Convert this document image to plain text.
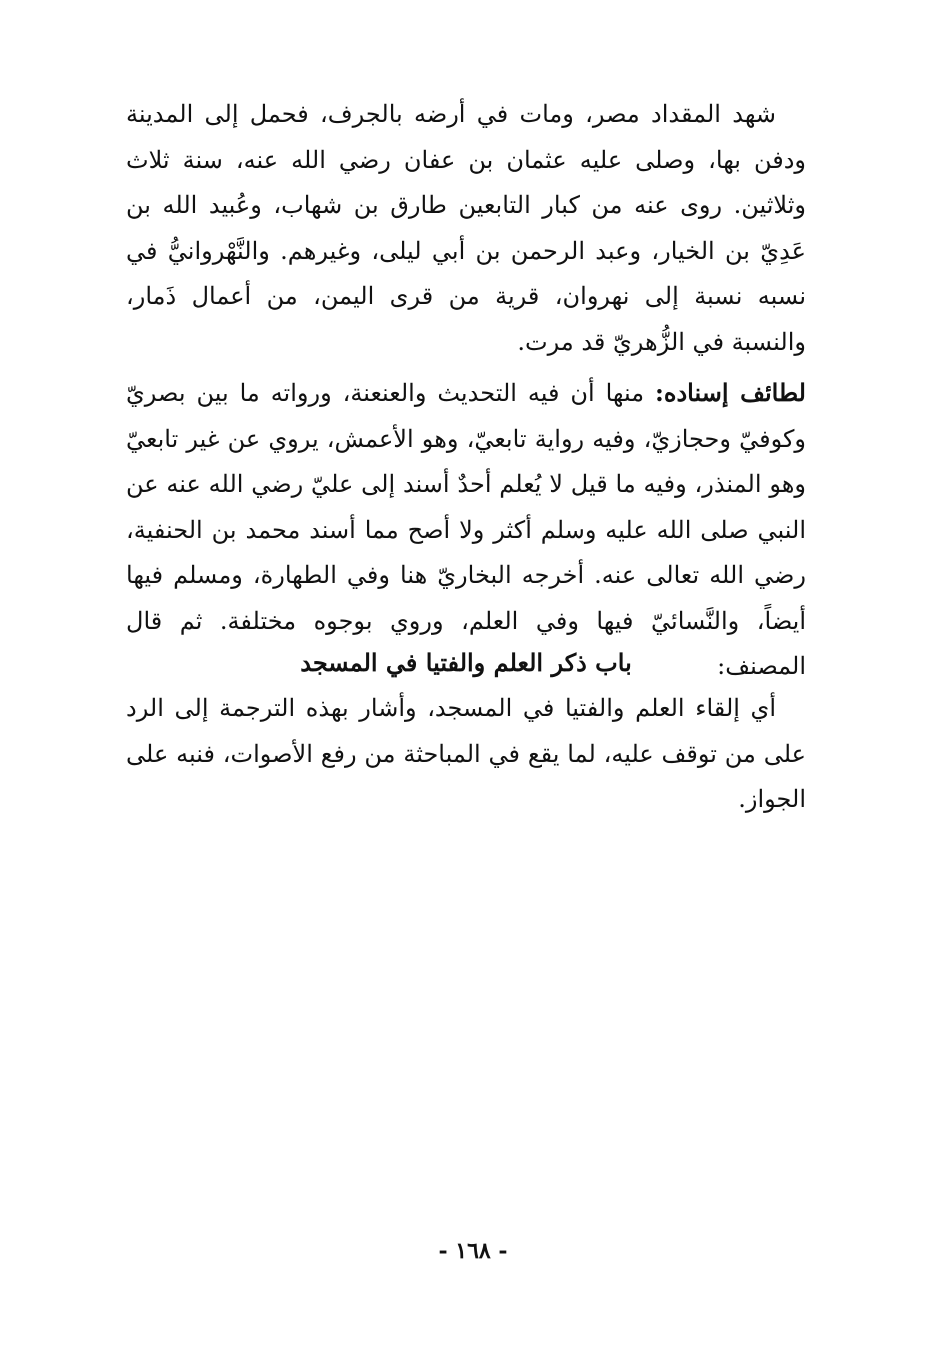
شهد المقداد مصر، ومات في أرضه بالجرف، فحمل إلى المدينة ودفن بها، وصلى عليه عثمان بن عفان رضي الله عنه، سنة ثلاث وثلاثين. روى عنه من كبار التابعين طارق بن شهاب، وعُبيد الله بن عَدِيّ بن الخيار، وعبد الرحمن بن أبي ليلى، وغيرهم. والنَّهْروانيُّ في نسبه نسبة إلى نهروان، قرية من قرى اليمن، من أعمال ذَمار، والنسبة في الزُّهريّ قد مرت.
لطائف إسناده: منها أن فيه التحديث والعنعنة، ورواته ما بين بصريّ وكوفيّ وحجازيّ، وفيه رواية تابعيّ، وهو الأعمش، يروي عن غير تابعيّ وهو المنذر، وفيه ما قيل لا يُعلم أحدٌ أسند إلى عليّ رضي الله عنه عن النبي صلى الله عليه وسلم أكثر ولا أصح مما أسند محمد بن الحنفية، رضي الله تعالى عنه. أخرجه البخاريّ هنا وفي الطهارة، ومسلم فيها أيضاً، والنَّسائيّ فيها وفي العلم، وروي بوجوه مختلفة. ثم قال المصنف:
باب ذكر العلم والفتيا في المسجد
أي إلقاء العلم والفتيا في المسجد، وأشار بهذه الترجمة إلى الرد على من توقف عليه، لما يقع في المباحثة من رفع الأصوات، فنبه على الجواز.
- ١٦٨ -
